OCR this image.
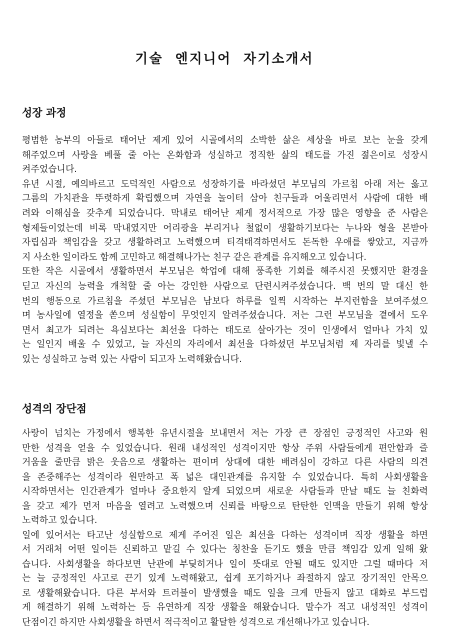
기술 엔지니어 자기소개서
성장 과정
평범한 농부의 아들로 태어난 제게 있어 시골에서의 소박한 삶은 세상을 바로 보는 눈을 갖게
해주었으며 사랑을 베풀 줄 아는 온화함과 성실하고 정직한 삶의 태도를 가진 젊은이로 성장시
켜주었습니다.
유년 시절, 예의바르고 도덕적인 사람으로 성장하기를 바라셨던 부모님의 가르침 아래 저는 옳고
그름의 가치관을 뚜렷하게 확립했으며 자연을 놀이터 삼아 친구들과 어울리면서 사람에 대한 배
려와 이해심을 갖추게 되었습니다. 막내로 태어난 제게 정서적으로 가장 많은 영향을 준 사람은
형제들이었는데 비록 막내였지만 어리광을 부리거나 철없이 생활하기보다는 누나와 형을 본받아
자립심과 책임감을 갖고 생활하려고 노력했으며 티격태격하면서도 돈독한 우애를 쌓았고, 지금까
지 사소한 일이라도 함께 고민하고 해결해나가는 친구 같은 관계를 유지해오고 있습니다.
또한 작은 시골에서 생활하면서 부모님은 학업에 대해 풍족한 기회를 해주시진 못했지만 환경을
딛고 자신의 능력을 개척할 줄 아는 강인한 사람으로 단련시켜주셨습니다. 백 번의 말 대신 한
번의 행동으로 가르침을 주셨던 부모님은 남보다 하루를 일찍 시작하는 부지런함을 보여주셨으
며 농사일에 열정을 쏟으며 성실함이 무엇인지 알려주셨습니다. 저는 그런 부모님을 곁에서 도우
면서 최고가 되려는 욕심보다는 최선을 다하는 태도로 살아가는 것이 인생에서 얼마나 가치 있
는 일인지 배울 수 있었고, 늘 자신의 자리에서 최선을 다하셨던 부모님처럼 제 자리를 빛낼 수
있는 성실하고 능력 있는 사람이 되고자 노력해왔습니다.
성격의 장단점
사랑이 넘치는 가정에서 행복한 유년시절을 보내면서 저는 가장 큰 장점인 긍정적인 사고와 원
만한 성격을 얻을 수 있었습니다. 원래 내성적인 성격이지만 항상 주위 사람들에게 편안함과 즐
거움을 줄만큼 밝은 웃음으로 생활하는 편이며 상대에 대한 배려심이 강하고 다른 사람의 의견
을 존중해주는 성격이라 원만하고 폭 넓은 대인관계를 유지할 수 있었습니다. 특히 사회생활을
시작하면서는 인간관계가 얼마나 중요한지 알게 되었으며 새로운 사람들과 만날 때도 늘 친화력
을 갖고 제가 먼저 마음을 열려고 노력했으며 신뢰를 바탕으로 탄탄한 인맥을 만들기 위해 항상
노력하고 있습니다.
일에 있어서는 타고난 성실함으로 제게 주어진 일은 최선을 다하는 성격이며 직장 생활을 하면
서 거래처 어떤 일이든 신뢰하고 맡길 수 있다는 칭찬을 듣기도 했을 만큼 책임감 있게 일해 왔
습니다. 사회생활을 하다보면 난관에 부딪히거나 일이 뜻대로 안될 때도 있지만 그럴 때마다 저
는 늘 긍정적인 사고로 끈기 있게 노력해왔고, 쉽게 포기하거나 좌절하지 않고 장기적인 안목으
로 생활해왔습니다. 다른 부서와 트러블이 발생했을 때도 일을 크게 만들지 않고 대화로 부드럽
게 해결하기 위해 노력하는 등 유연하게 직장 생활을 해왔습니다. 말수가 적고 내성적인 성격이
단점이긴 하지만 사회생활을 하면서 적극적이고 활달한 성격으로 개선해나가고 있습니다.
